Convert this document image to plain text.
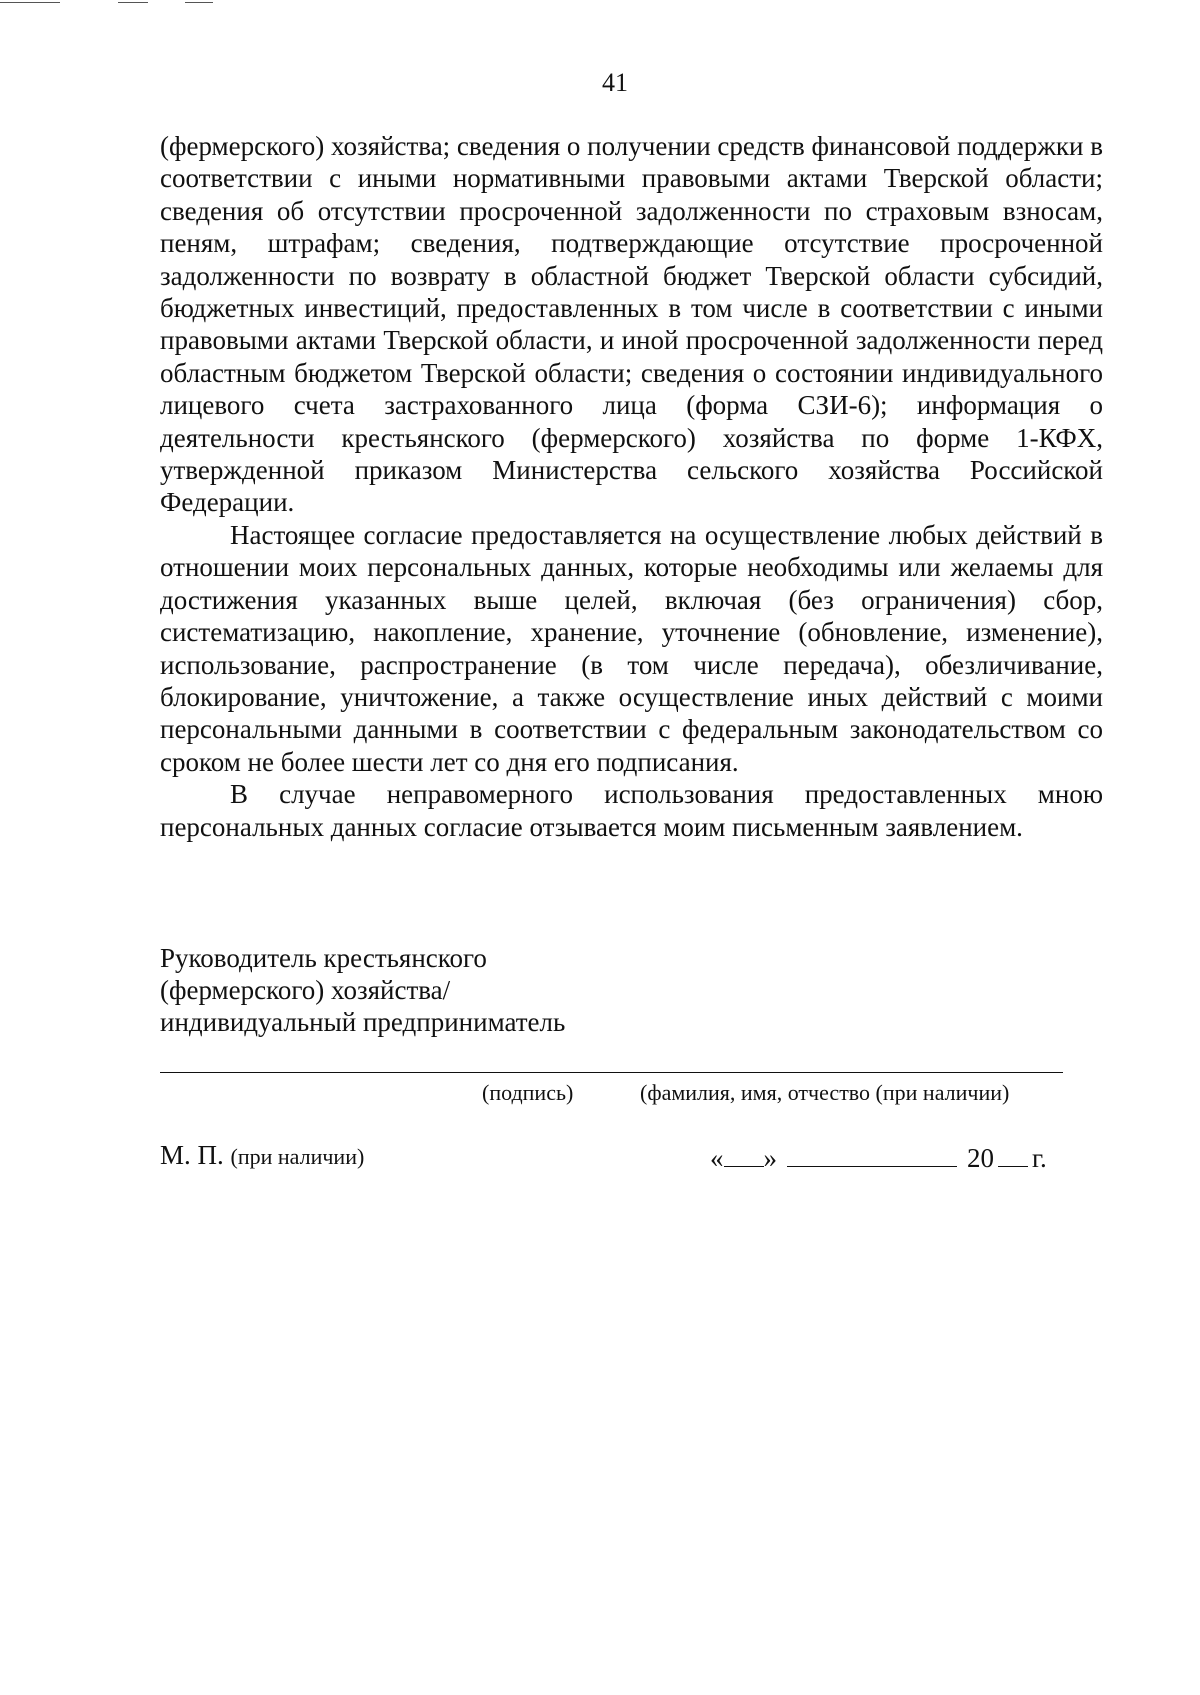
41

(фермерского) хозяйства; сведения о получении средств финансовой поддержки в соответствии с иными нормативными правовыми актами Тверской области; сведения об отсутствии просроченной задолженности по страховым взносам, пеням, штрафам; сведения, подтверждающие отсутствие просроченной задолженности по возврату в областной бюджет Тверской области субсидий, бюджетных инвестиций, предоставленных в том числе в соответствии с иными правовыми актами Тверской области, и иной просроченной задолженности перед областным бюджетом Тверской области; сведения о состоянии индивидуального лицевого счета застрахованного лица (форма СЗИ-6); информация о деятельности крестьянского (фермерского) хозяйства по форме 1-КФХ, утвержденной приказом Министерства сельского хозяйства Российской Федерации.

Настоящее согласие предоставляется на осуществление любых действий в отношении моих персональных данных, которые необходимы или желаемы для достижения указанных выше целей, включая (без ограничения) сбор, систематизацию, накопление, хранение, уточнение (обновление, изменение), использование, распространение (в том числе передача), обезличивание, блокирование, уничтожение, а также осуществление иных действий с моими персональными данными в соответствии с федеральным законодательством со сроком не более шести лет со дня его подписания.

В случае неправомерного использования предоставленных мною персональных данных согласие отзывается моим письменным заявлением.

Руководитель крестьянского
(фермерского) хозяйства/
индивидуальный предприниматель
(подпись)	(фамилия, имя, отчество (при наличии)
М. П. (при наличии)	« »	20 г.
